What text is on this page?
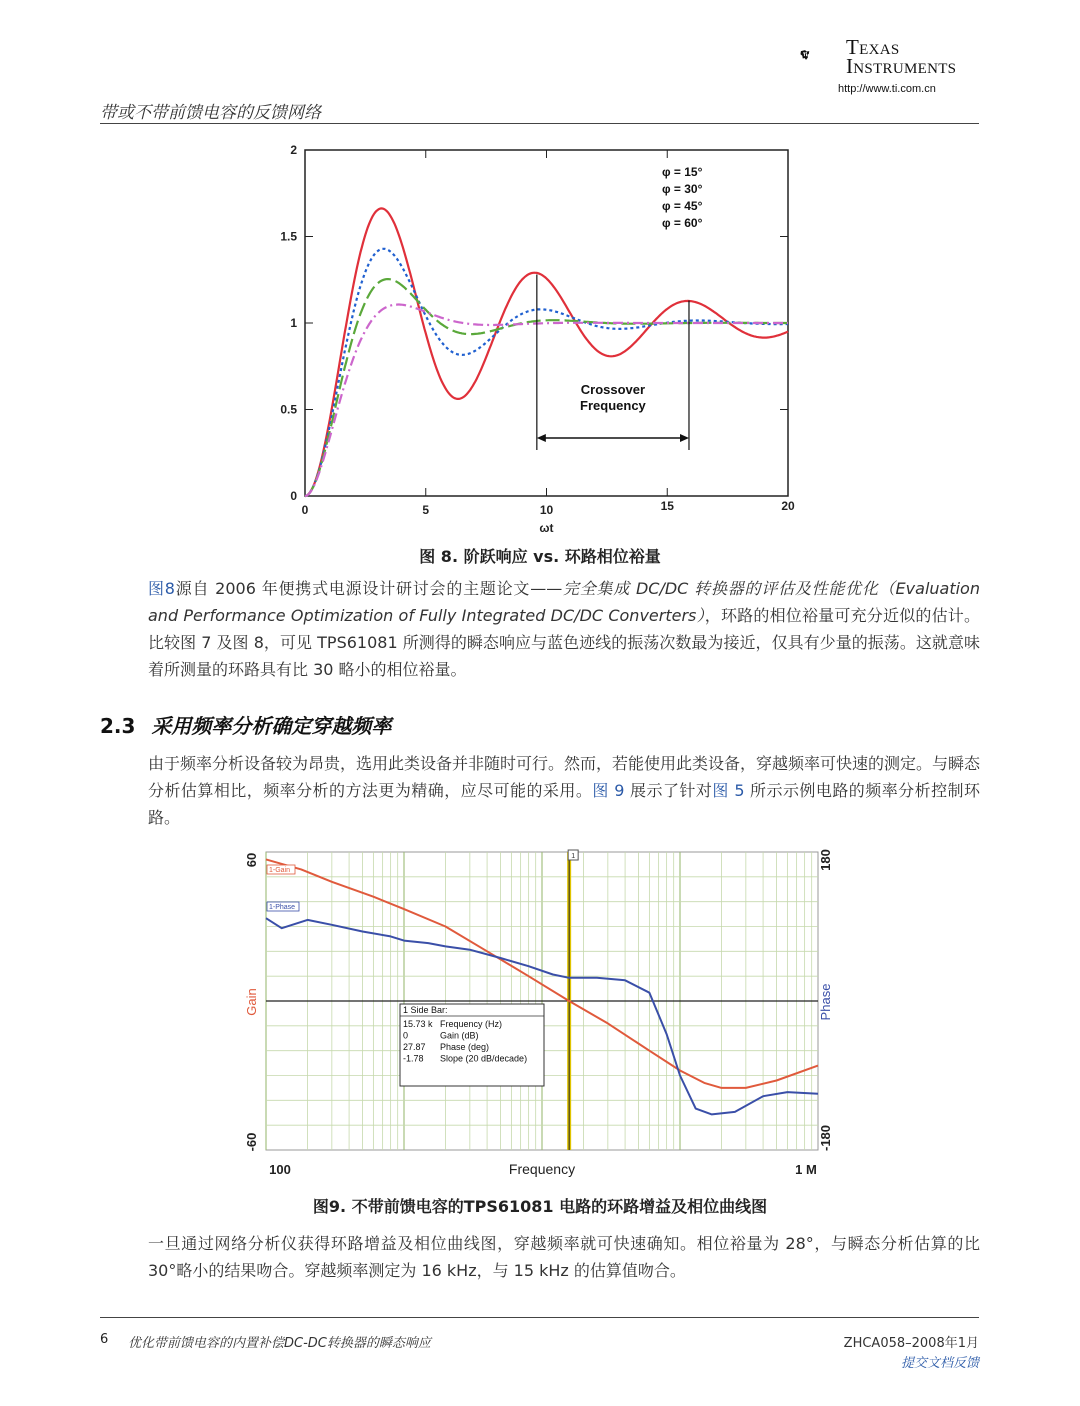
Texas
Instruments
http://www.ti.com.cn
带或不带前馈电容的反馈网络
0	5	10	15	20
0
0.5
1
1.5
2
ωt
φ = 15°
φ = 30°
φ = 45°
φ = 60°
Crossover
Frequency
图 8. 阶跃响应 vs. 环路相位裕量
图8源自 2006 年便携式电源设计研讨会的主题论文——完全集成 DC/DC 转换器的评估及性能优化（Evaluation and Performance Optimization of Fully Integrated DC/DC Converters），环路的相位裕量可充分近似的估计。比较图 7 及图 8，可见 TPS61081 所测得的瞬态响应与蓝色迹线的振荡次数最为接近，仅具有少量的振荡。这就意味着所测量的环路具有比 30 略小的相位裕量。
2.3 采用频率分析确定穿越频率
由于频率分析设备较为昂贵，选用此类设备并非随时可行。然而，若能使用此类设备，穿越频率可快速的测定。与瞬态分析估算相比，频率分析的方法更为精确，应尽可能的采用。图 9 展示了针对图 5 所示示例电路的频率分析控制环路。
1
1-Gain
1-Phase
1 Side Bar:
15.73 k Frequency (Hz)
0	Gain (dB)
27.87 Phase (deg)
-1.78 Slope (20 dB/decade)
60
-60
Gain
180
-180
Phase
100	1 M
Frequency
图9. 不带前馈电容的TPS61081 电路的环路增益及相位曲线图
一旦通过网络分析仪获得环路增益及相位曲线图，穿越频率就可快速确知。相位裕量为 28°，与瞬态分析估算的比 30°略小的结果吻合。穿越频率测定为 16 kHz，与 15 kHz 的估算值吻合。
6 优化带前馈电容的内置补偿DC-DC转换器的瞬态响应	ZHCA058–2008年1月
提交文档反馈
